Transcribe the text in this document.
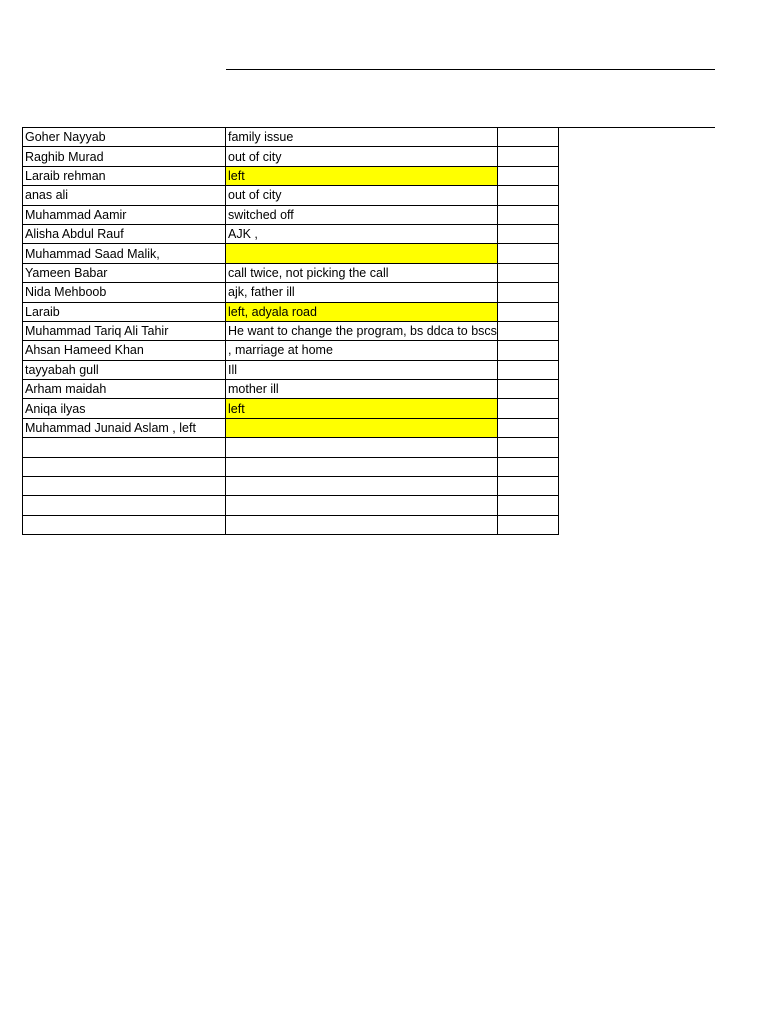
Goher Nayyab	family issue	
Raghib Murad	out of city	
Laraib rehman	left	
anas ali	out of city	
Muhammad Aamir	switched off	
Alisha Abdul Rauf	AJK ,	
Muhammad Saad Malik,		
Yameen Babar	call twice, not picking the call	
Nida Mehboob	ajk, father ill	
Laraib	left, adyala road	
Muhammad Tariq Ali Tahir	He want to change the program, bs ddca to bscs	
Ahsan Hameed Khan	, marriage at home	
tayyabah gull	Ill	
Arham maidah	mother ill	
Aniqa ilyas	left	
Muhammad Junaid Aslam , left		
